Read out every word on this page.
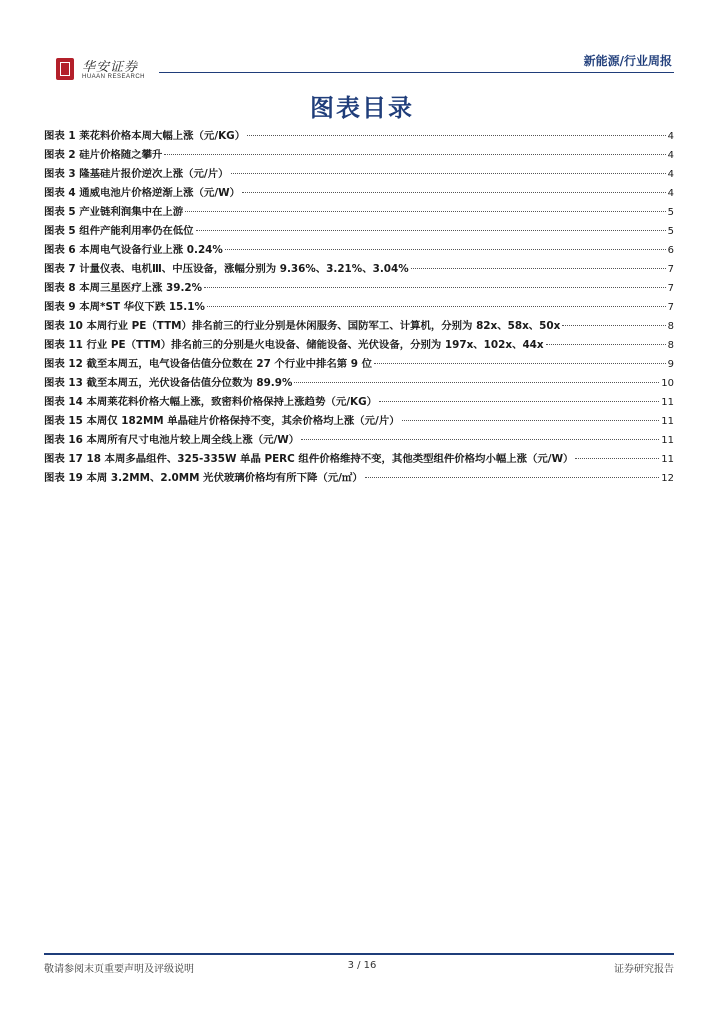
华安证券
HUAAN RESEARCH
新能源/行业周报
图表目录
图表 1 莱花料价格本周大幅上涨（元/KG）	4
图表 2 硅片价格随之攀升	4
图表 3 隆基硅片报价逆次上涨（元/片）	4
图表 4 通威电池片价格逆渐上涨（元/W）	4
图表 5 产业链利润集中在上游	5
图表 5 组件产能利用率仍在低位	5
图表 6 本周电气设备行业上涨 0.24%	6
图表 7 计量仪表、电机Ⅲ、中压设备，涨幅分别为 9.36%、3.21%、3.04%	7
图表 8 本周三星医疗上涨 39.2%	7
图表 9 本周*ST 华仪下跌 15.1%	7
图表 10 本周行业 PE（TTM）排名前三的行业分别是休闲服务、国防军工、计算机，分别为 82x、58x、50x	8
图表 11 行业 PE（TTM）排名前三的分别是火电设备、储能设备、光伏设备，分别为 197x、102x、44x	8
图表 12 截至本周五，电气设备估值分位数在 27 个行业中排名第 9 位	9
图表 13 截至本周五，光伏设备估值分位数为 89.9%	10
图表 14 本周莱花料价格大幅上涨，致密料价格保持上涨趋势（元/KG）	11
图表 15 本周仅 182MM 单晶硅片价格保持不变，其余价格均上涨（元/片）	11
图表 16 本周所有尺寸电池片较上周全线上涨（元/W）	11
图表 17 18 本周多晶组件、325-335W 单晶 PERC 组件价格维持不变，其他类型组件价格均小幅上涨（元/W）	11
图表 19 本周 3.2MM、2.0MM 光伏玻璃价格均有所下降（元/㎡）	12
敬请参阅末页重要声明及评级说明	3 / 16	证券研究报告
